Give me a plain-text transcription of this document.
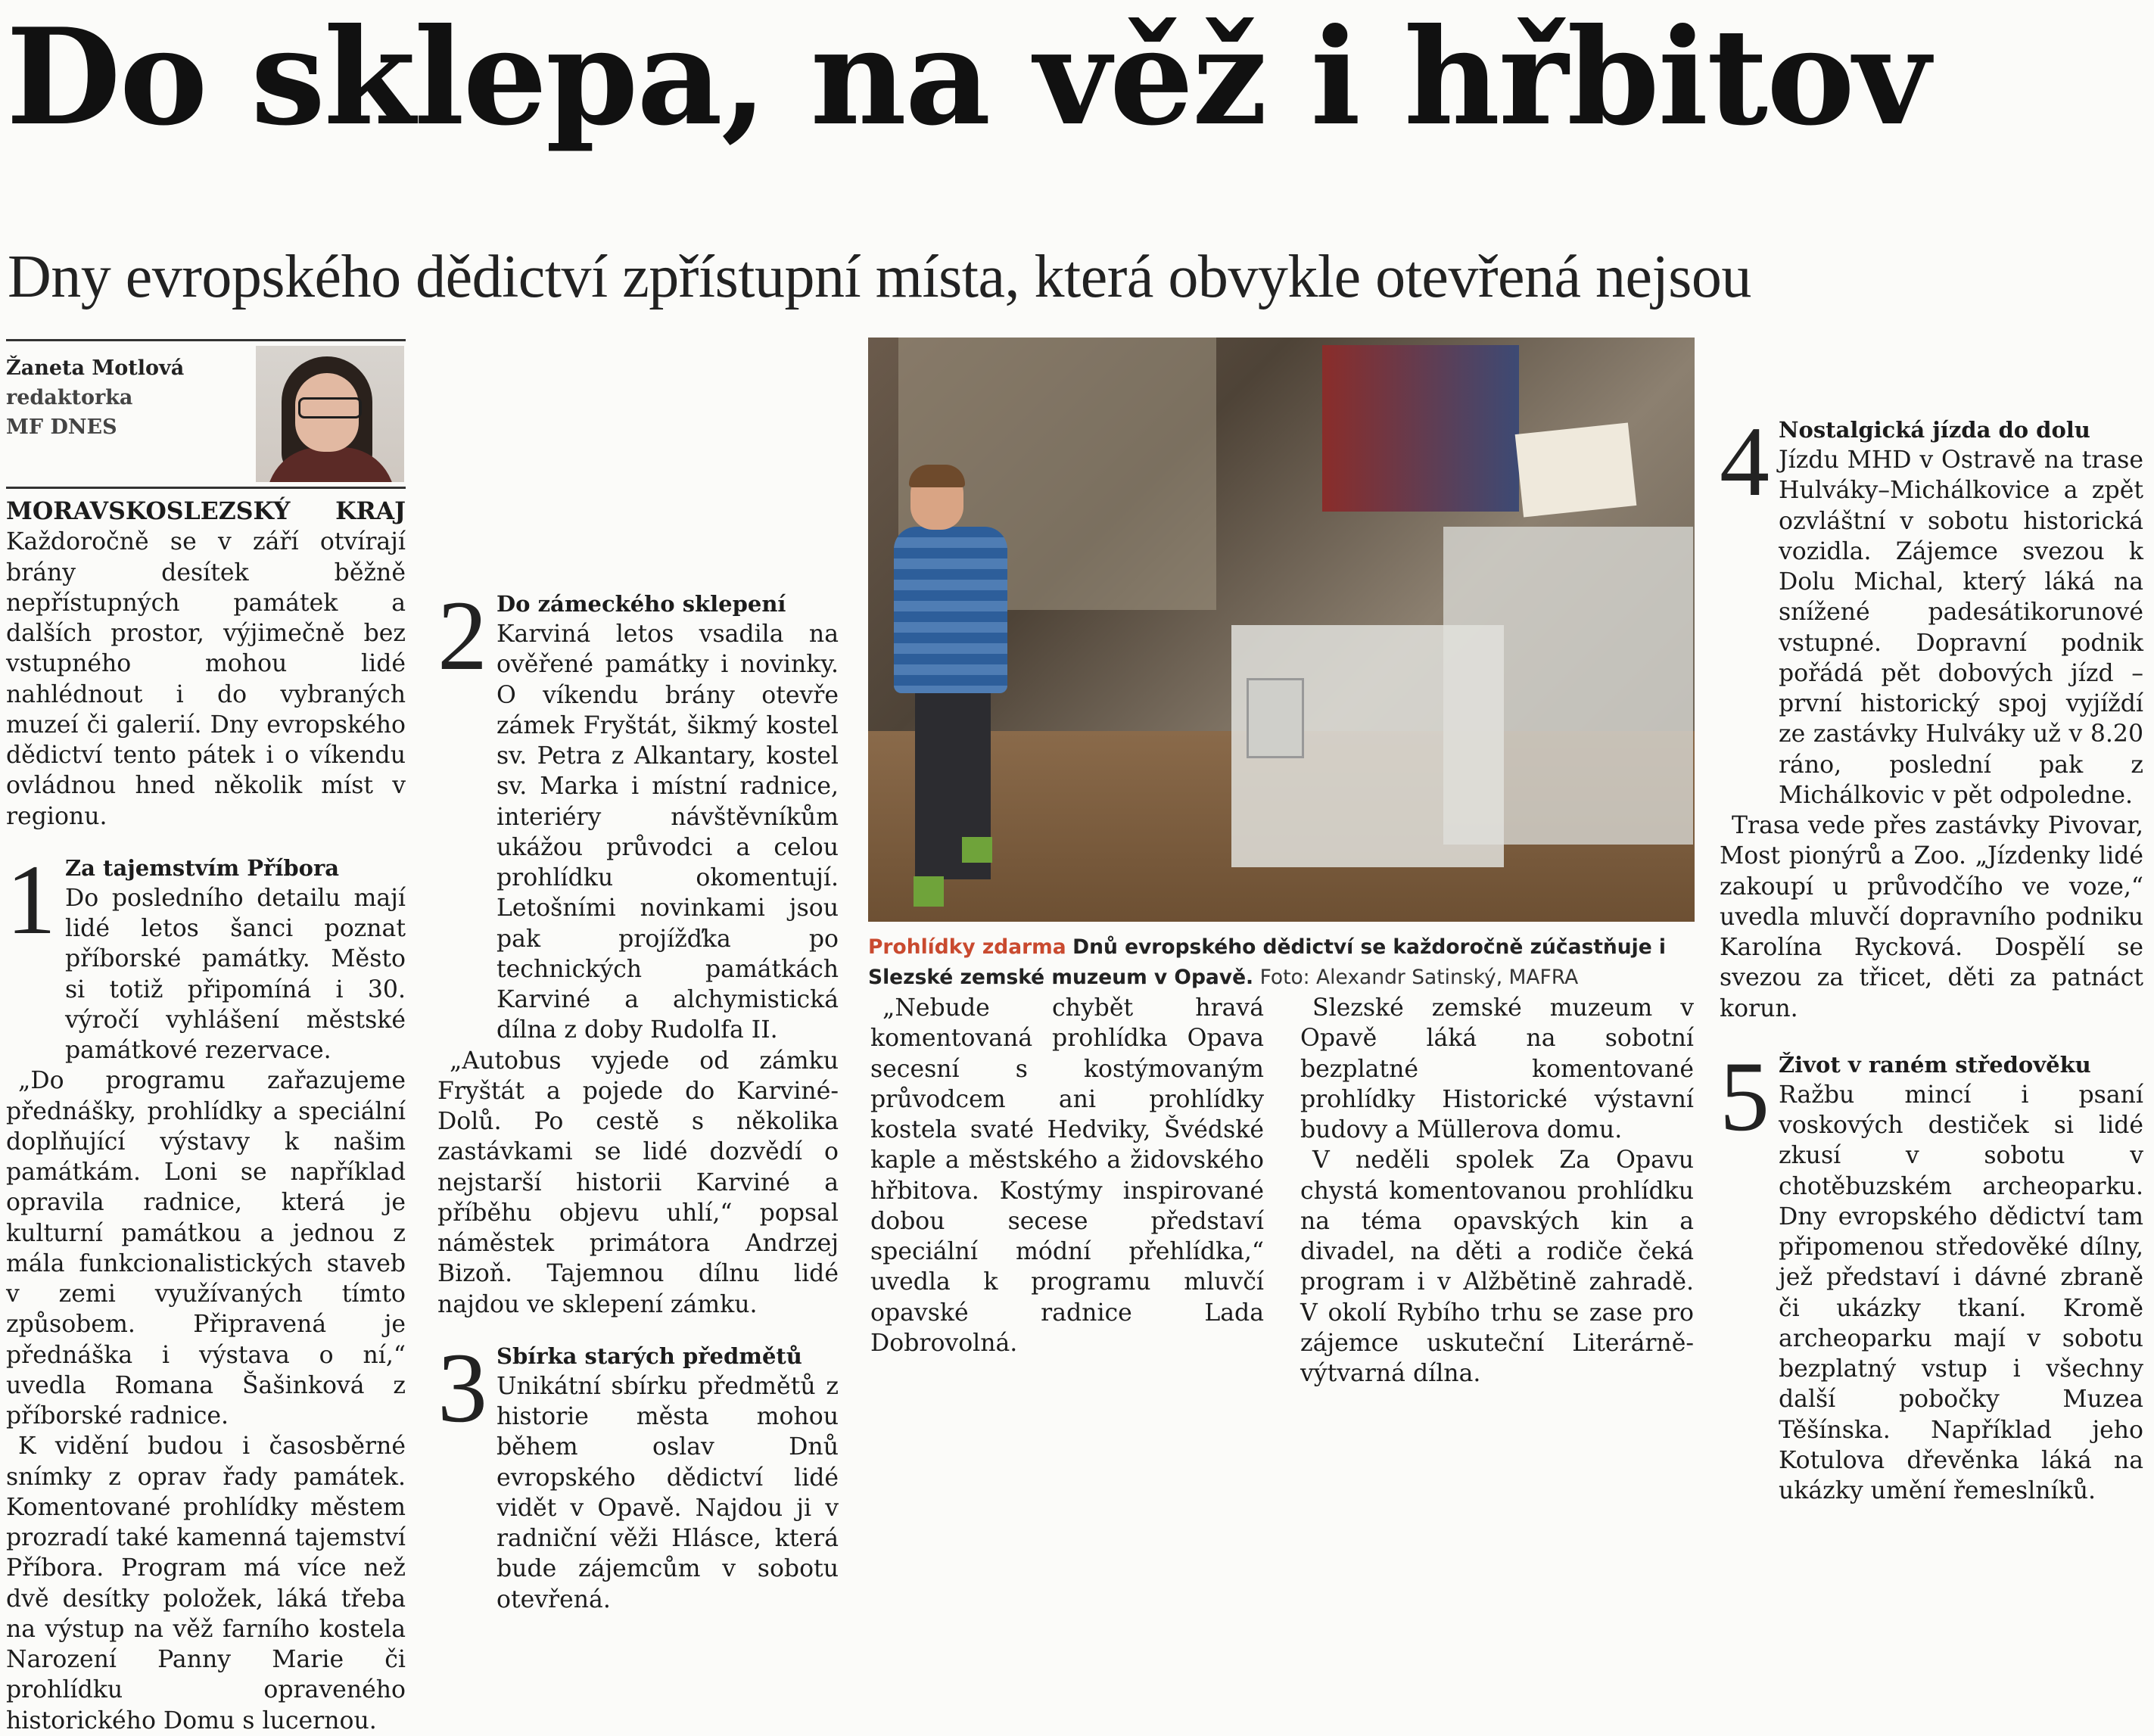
Do sklepa, na věž i hřbitov
Dny evropského dědictví zpřístupní místa, která obvykle otevřená nejsou
Žaneta Motlová
redaktorka
MF DNES

MORAVSKOSLEZSKÝ KRAJ Každoročně se v září otvírají brány desítek běžně nepřístupných památek a dalších prostor, výjimečně bez vstupného mohou lidé nahlédnout i do vybraných muzeí či galerií. Dny evropského dědictví tento pátek i o víkendu ovládnou hned několik míst v regionu.

1 Za tajemstvím Příbora

Do posledního detailu mají lidé letos šanci poznat příborské památky. Město si totiž připomíná i 30. výročí vyhlášení městské památkové rezervace.

„Do programu zařazujeme přednášky, prohlídky a speciální doplňující výstavy k našim památkám. Loni se například opravila radnice, která je kulturní památkou a jednou z mála funkcionalistických staveb v zemi využívaných tímto způsobem. Připravená je přednáška i výstava o ní,“ uvedla Romana Šašinková z příborské radnice.

K vidění budou i časosběrné snímky z oprav řady památek. Komentované prohlídky městem prozradí také kamenná tajemství Příbora. Program má více než dvě desítky položek, láká třeba na výstup na věž farního kostela Narození Panny Marie či prohlídku opraveného historického Domu s lucernou.

2 Do zámeckého sklepení

Karviná letos vsadila na ověřené památky i novinky. O víkendu brány otevře zámek Fryštát, šikmý kostel sv. Petra z Alkantary, kostel sv. Marka i místní radnice, interiéry návštěvníkům ukážou průvodci a celou prohlídku okomentují. Letošními novinkami jsou pak projížďka po technických památkách Karviné a alchymistická dílna z doby Rudolfa II.

„Autobus vyjede od zámku Fryštát a pojede do Karviné-Dolů. Po cestě s několika zastávkami se lidé dozvědí o nejstarší historii Karviné a příběhu objevu uhlí,“ popsal náměstek primátora Andrzej Bizoň. Tajemnou dílnu lidé najdou ve sklepení zámku.

3 Sbírka starých předmětů

Unikátní sbírku předmětů z historie města mohou během oslav Dnů evropského dědictví lidé vidět v Opavě. Najdou ji v radniční věži Hlásce, která bude zájemcům v sobotu otevřená.

Prohlídky zdarma Dnů evropského dědictví se každoročně zúčastňuje i Slezské zemské muzeum v Opavě. Foto: Alexandr Satinský, MAFRA

„Nebude chybět hravá komentovaná prohlídka Opava secesní s kostýmovaným průvodcem ani prohlídky kostela svaté Hedviky, Švédské kaple a městského a židovského hřbitova. Kostýmy inspirované dobou secese představí speciální módní přehlídka,“ uvedla k programu mluvčí opavské radnice Lada Dobrovolná.

Slezské zemské muzeum v Opavě láká na sobotní bezplatné komentované prohlídky Historické výstavní budovy a Müllerova domu.

V neděli spolek Za Opavu chystá komentovanou prohlídku na téma opavských kin a divadel, na děti a rodiče čeká program i v Alžbětině zahradě. V okolí Rybího trhu se zase pro zájemce uskuteční Literárně-výtvarná dílna.

4 Nostalgická jízda do dolu

Jízdu MHD v Ostravě na trase Hulváky–Michálkovice a zpět ozvláštní v sobotu historická vozidla. Zájemce svezou k Dolu Michal, který láká na snížené padesátikorunové vstupné. Dopravní podnik pořádá pět dobových jízd – první historický spoj vyjíždí ze zastávky Hulváky už v 8.20 ráno, poslední pak z Michálkovic v pět odpoledne.

Trasa vede přes zastávky Pivovar, Most pionýrů a Zoo. „Jízdenky lidé zakoupí u průvodčího ve voze,“ uvedla mluvčí dopravního podniku Karolína Rycková. Dospělí se svezou za třicet, děti za patnáct korun.

5 Život v raném středověku

Ražbu mincí i psaní voskových destiček si lidé zkusí v sobotu v chotěbuzském archeoparku. Dny evropského dědictví tam připomenou středověké dílny, jež představí i dávné zbraně či ukázky tkaní. Kromě archeoparku mají v sobotu bezplatný vstup i všechny další pobočky Muzea Těšínska. Například jeho Kotulova dřevěnka láká na ukázky umění řemeslníků.
